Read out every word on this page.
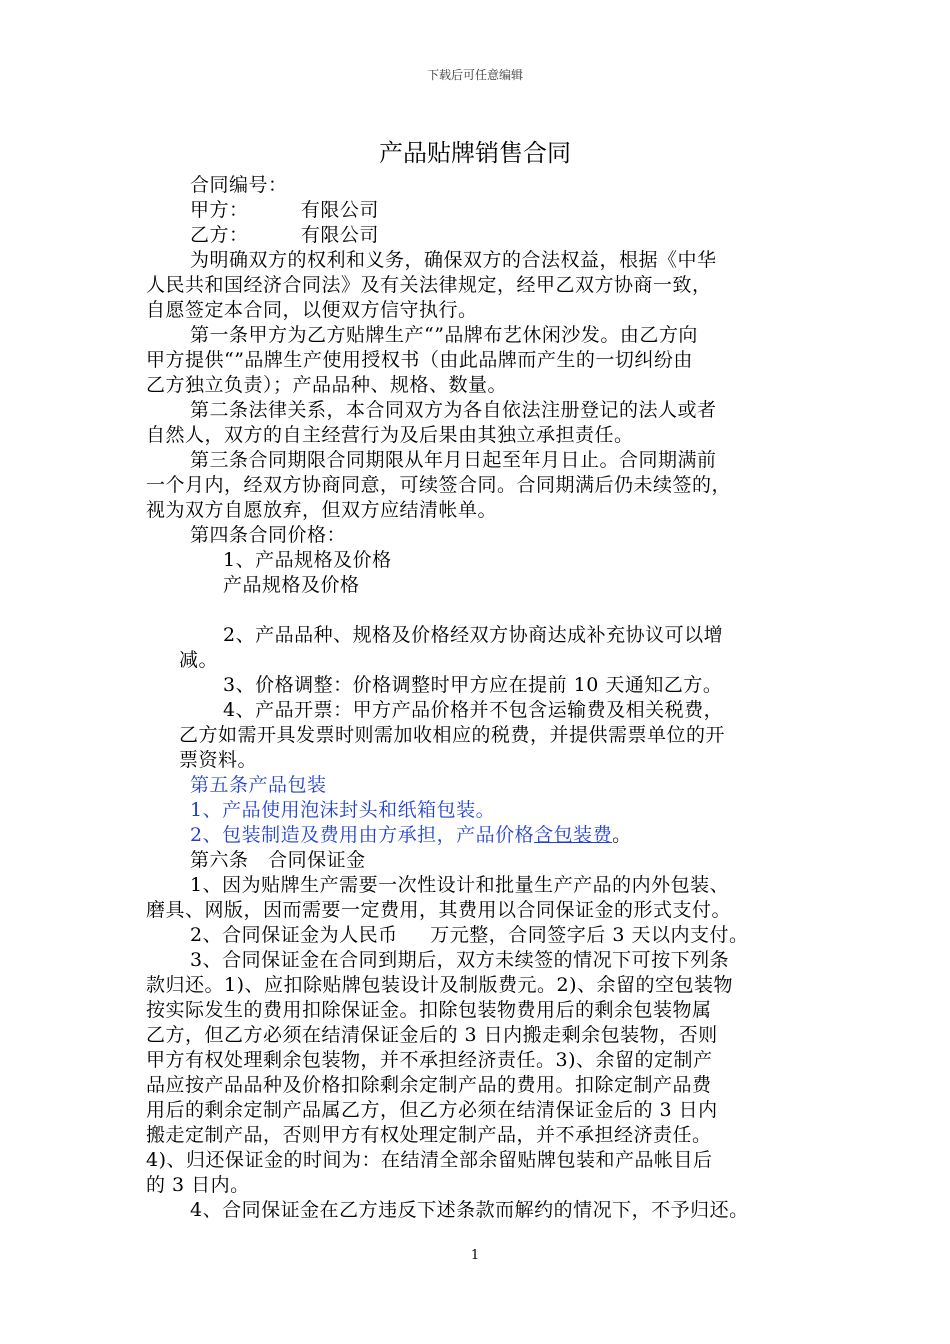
下载后可任意编辑
产品贴牌销售合同

合同编号：

甲方：        有限公司

乙方：        有限公司

为明确双方的权利和义务，确保双方的合法权益，根据《中华

人民共和国经济合同法》及有关法律规定，经甲乙双方协商一致，

自愿签定本合同，以便双方信守执行。

第一条甲方为乙方贴牌生产“”品牌布艺休闲沙发。由乙方向

甲方提供“”品牌生产使用授权书（由此品牌而产生的一切纠纷由

乙方独立负责）；产品品种、规格、数量。

第二条法律关系，本合同双方为各自依法注册登记的法人或者

自然人，双方的自主经营行为及后果由其独立承担责任。

第三条合同期限合同期限从年月日起至年月日止。合同期满前

一个月内，经双方协商同意，可续签合同。合同期满后仍未续签的，

视为双方自愿放弃，但双方应结清帐单。

第四条合同价格：

1、产品规格及价格

产品规格及价格

2、产品品种、规格及价格经双方协商达成补充协议可以增

减。

3、价格调整：价格调整时甲方应在提前 10 天通知乙方。

4、产品开票：甲方产品价格并不包含运输费及相关税费，

乙方如需开具发票时则需加收相应的税费，并提供需票单位的开

票资料。

第五条产品包装

1、产品使用泡沫封头和纸箱包装。

2、包装制造及费用由方承担，产品价格含包装费。

第六条   合同保证金

1、因为贴牌生产需要一次性设计和批量生产产品的内外包装、

磨具、网版，因而需要一定费用，其费用以合同保证金的形式支付。

2、合同保证金为人民币     万元整，合同签字后 3 天以内支付。

3、合同保证金在合同到期后，双方未续签的情况下可按下列条

款归还。1)、应扣除贴牌包装设计及制版费元。2)、余留的空包装物

按实际发生的费用扣除保证金。扣除包装物费用后的剩余包装物属

乙方，但乙方必须在结清保证金后的 3 日内搬走剩余包装物，否则

甲方有权处理剩余包装物，并不承担经济责任。3)、余留的定制产

品应按产品品种及价格扣除剩余定制产品的费用。扣除定制产品费

用后的剩余定制产品属乙方，但乙方必须在结清保证金后的 3 日内

搬走定制产品，否则甲方有权处理定制产品，并不承担经济责任。

4)、归还保证金的时间为：在结清全部余留贴牌包装和产品帐目后

的 3 日内。

4、合同保证金在乙方违反下述条款而解约的情况下，不予归还。

1
